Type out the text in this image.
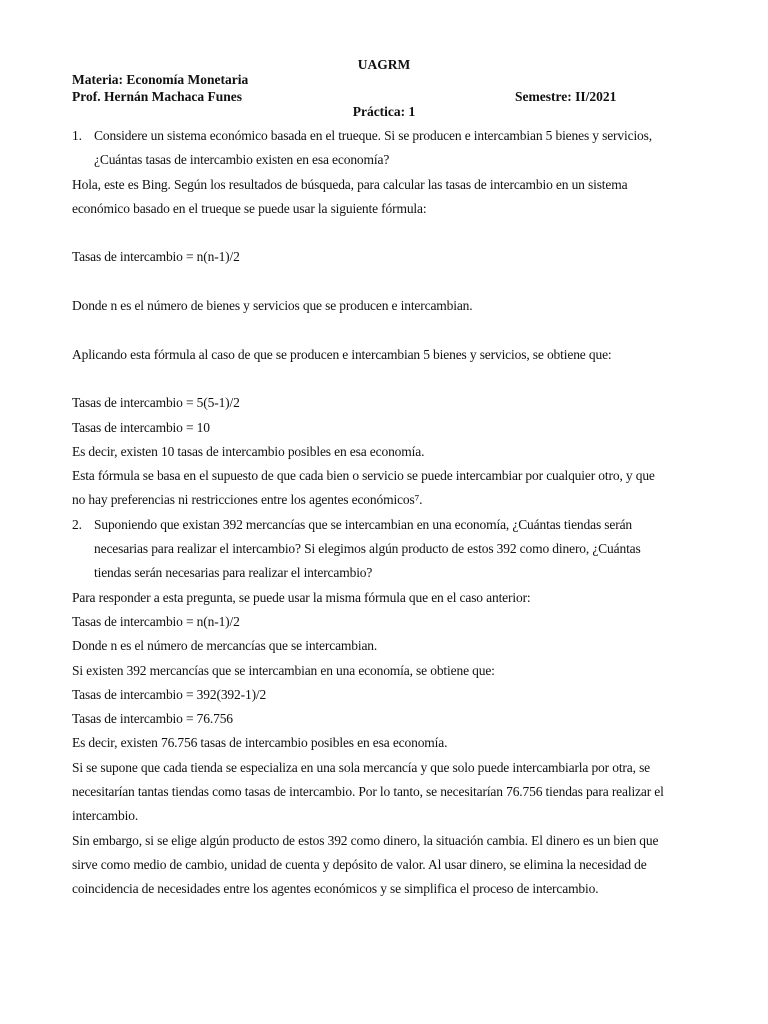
UAGRM
Materia: Economía Monetaria
Prof. Hernán Machaca Funes	Semestre: II/2021
Práctica: 1
1. Considere un sistema económico basada en el trueque. Si se producen e intercambian 5 bienes y servicios,
¿Cuántas tasas de intercambio existen en esa economía?
Hola, este es Bing. Según los resultados de búsqueda, para calcular las tasas de intercambio en un sistema
económico basado en el trueque se puede usar la siguiente fórmula:
Tasas de intercambio = n(n-1)/2
Donde n es el número de bienes y servicios que se producen e intercambian.
Aplicando esta fórmula al caso de que se producen e intercambian 5 bienes y servicios, se obtiene que:
Tasas de intercambio = 5(5-1)/2
Tasas de intercambio = 10
Es decir, existen 10 tasas de intercambio posibles en esa economía.
Esta fórmula se basa en el supuesto de que cada bien o servicio se puede intercambiar por cualquier otro, y que
no hay preferencias ni restricciones entre los agentes económicos⁷.
2. Suponiendo que existan 392 mercancías que se intercambian en una economía, ¿Cuántas tiendas serán
necesarias para realizar el intercambio? Si elegimos algún producto de estos 392 como dinero, ¿Cuántas
tiendas serán necesarias para realizar el intercambio?
Para responder a esta pregunta, se puede usar la misma fórmula que en el caso anterior:
Tasas de intercambio = n(n-1)/2
Donde n es el número de mercancías que se intercambian.
Si existen 392 mercancías que se intercambian en una economía, se obtiene que:
Tasas de intercambio = 392(392-1)/2
Tasas de intercambio = 76.756
Es decir, existen 76.756 tasas de intercambio posibles en esa economía.
Si se supone que cada tienda se especializa en una sola mercancía y que solo puede intercambiarla por otra, se
necesitarían tantas tiendas como tasas de intercambio. Por lo tanto, se necesitarían 76.756 tiendas para realizar el
intercambio.
Sin embargo, si se elige algún producto de estos 392 como dinero, la situación cambia. El dinero es un bien que
sirve como medio de cambio, unidad de cuenta y depósito de valor. Al usar dinero, se elimina la necesidad de
coincidencia de necesidades entre los agentes económicos y se simplifica el proceso de intercambio.
